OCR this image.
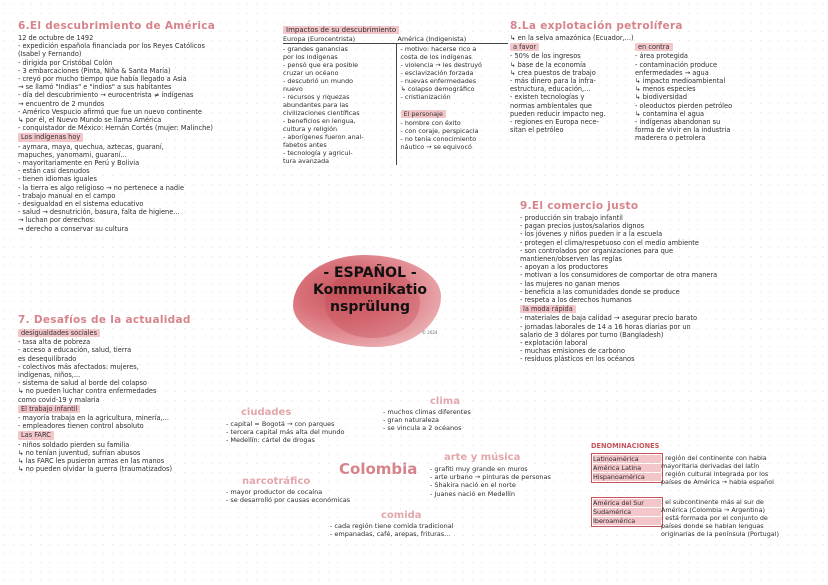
6.El descubrimiento de América
12 de octubre de 1492
- expedición española financiada por los Reyes Católicos
(Isabel y Fernando)
- dirigida por Cristóbal Colón
- 3 embarcaciones (Pinta, Niña & Santa María)
- creyó por mucho tiempo que había llegado a Asia
→ se llamó "Indias" e "indios" a sus habitantes
- día del descubrimiento → eurocentrista ≠ indígenas
→ encuentro de 2 mundos
- Américo Vespucio afirmó que fue un nuevo continente
↳ por él, el Nuevo Mundo se llama América
- conquistador de México: Hernán Cortés (mujer: Malinche)
Los indígenas hoy
- aymara, maya, quechua, aztecas, guaraní,
mapuches, yanomami, guaraní...
- mayoritariamente en Perú y Bolivia
- están casi desnudos
- tienen idiomas iguales
- la tierra es algo religioso → no pertenece a nadie
- trabajo manual en el campo
- desigualdad en el sistema educativo
- salud → desnutrición, basura, falta de higiene...
→ luchan por derechos:
→ derecho a conservar su cultura
Impactos de su descubrimiento
Europa (Eurocentrista)	América (Indigenista)
- grandes ganancias
por los indígenas
- pensó que era posible
cruzar un océano
- descubrió un mundo
nuevo
- recursos y riquezas
abundantes para las
civilizaciones científicas
- beneficios en lengua,
cultura y religión
- aborígenes fueron anal-
fabetos antes
- tecnología y agricul-
tura avanzada
- motivo: hacerse rico a
costa de los indígenas
- violencia → les destruyó
- esclavización forzada
- nuevas enfermedades
↳ colapso demográfico
- cristianización
El personaje
- hombre con éxito
- con coraje, perspicacia
- no tenía conocimiento
náutico → se equivocó
8.La explotación petrolífera
↳ en la selva amazónica (Ecuador,...)
a favor
- 50% de los ingresos
↳ base de la economía
↳ crea puestos de trabajo
- más dinero para la infra-
estructura, educación,...
- existen tecnologías y
normas ambientales que
pueden reducir impacto neg.
- regiones en Europa nece-
sitan el petróleo
en contra
- área protegida
- contaminación produce
enfermedades → agua
↳ impacto medioambiental
↳ menos especies
↳ biodiversidad
- oleoductos pierden petróleo
↳ contamina el agua
- indígenas abandonan su
forma de vivir en la industria
maderera o petrolera
9.El comercio justo
- producción sin trabajo infantil
- pagan precios justos/salarios dignos
- los jóvenes y niños pueden ir a la escuela
- protegen el clima/respetuoso con el medio ambiente
- son controlados por organizaciones para que
mantienen/observen las reglas
- apoyan a los productores
- motivan a los consumidores de comportar de otra manera
- las mujeres no ganan menos
- beneficia a las comunidades donde se produce
- respeta a los derechos humanos
la moda rápida
- materiales de baja calidad → asegurar precio barato
- jornadas laborales de 14 a 16 horas diarias por un
salario de 3 dólares por turno (Bangladesh)
- explotación laboral
- muchas emisiones de carbono
- residuos plásticos en los océanos
7. Desafíos de la actualidad
desigualdades sociales
- tasa alta de pobreza
- acceso a educación, salud, tierra
es desequilibrado
- colectivos más afectados: mujeres,
indígenas, niños,...
- sistema de salud al borde del colapso
↳ no pueden luchar contra enfermedades
como covid-19 y malaria
El trabajo infantil
- mayoría trabaja en la agricultura, minería,...
- empleadores tienen control absoluto
Las FARC
- niños soldado pierden su familia
↳ no tenían juventud, sufrían abusos
↳ las FARC les pusieron armas en las manos
↳ no pueden olvidar la guerra (traumatizados)
- ESPAÑOL -
Kommunikatio
nsprülung
© 2024
ciudades
- capital = Bogotá → con parques
- tercera capital más alta del mundo
- Medellín: cártel de drogas
clima
- muchos climas diferentes
- gran naturaleza
- se vincula a 2 océanos
Colombia
arte y música
- grafiti muy grande en muros
- arte urbano → pinturas de personas
- Shakira nació en el norte
- Juanes nació en Medellín
narcotráfico
- mayor productor de cocaína
- se desarrolló por causas económicas
comida
- cada región tiene comida tradicional
- empanadas, café, arepas, frituras...
DENOMINACIONES
Latinoamérica
América Latina
Hispanoamérica
: región del continente con habla
mayoritaria derivadas del latín
: región cultural integrada por los
países de América → habla español
América del Sur
Sudamérica
Iberoamérica
: el subcontinente más al sur de
América (Colombia → Argentina)
: está formada por el conjunto de
países donde se hablan lenguas
originarias de la península (Portugal)
